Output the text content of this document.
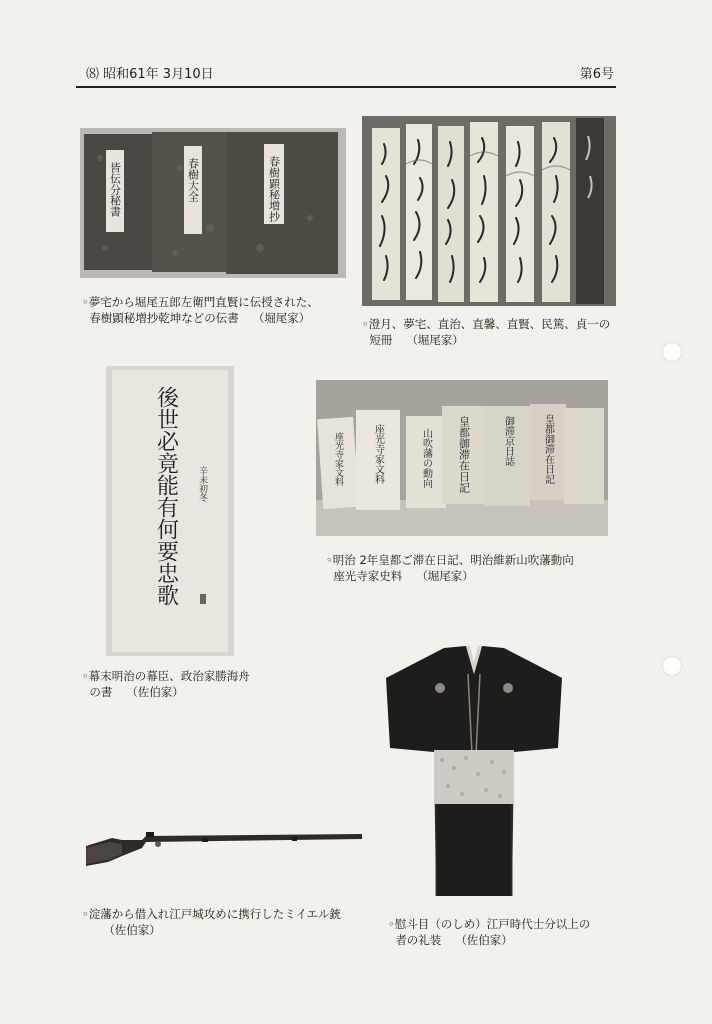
⑻ 昭和61年 3月10日	第6号
皆伝分秘書	春樹大全	春樹顕秘増抄
◦夢宅から堀尾五郎左衛門直賢に伝授された、
春樹顕秘増抄乾坤などの伝書 （堀尾家）	◦澄月、夢宅、直治、直馨、直賢、民篤、貞一の
短冊 （堀尾家）
後世必竟能有何要忠歌 辛未初冬
◦幕末明治の幕臣、政治家勝海舟
の書 （佐伯家）
座光寺家文料	座光寺家文料	山吹藩の動向 皇都御滞在日記	御滞京日誌	皇都御滞在日記
◦明治 2年皇都ご滞在日記、明治維新山吹藩動向
座光寺家史料 （堀尾家）
◦淀藩から借入れ江戸城攻めに携行したミイエル銃
（佐伯家）	◦慰斗目（のしめ）江戸時代士分以上の
者の礼装 （佐伯家）
